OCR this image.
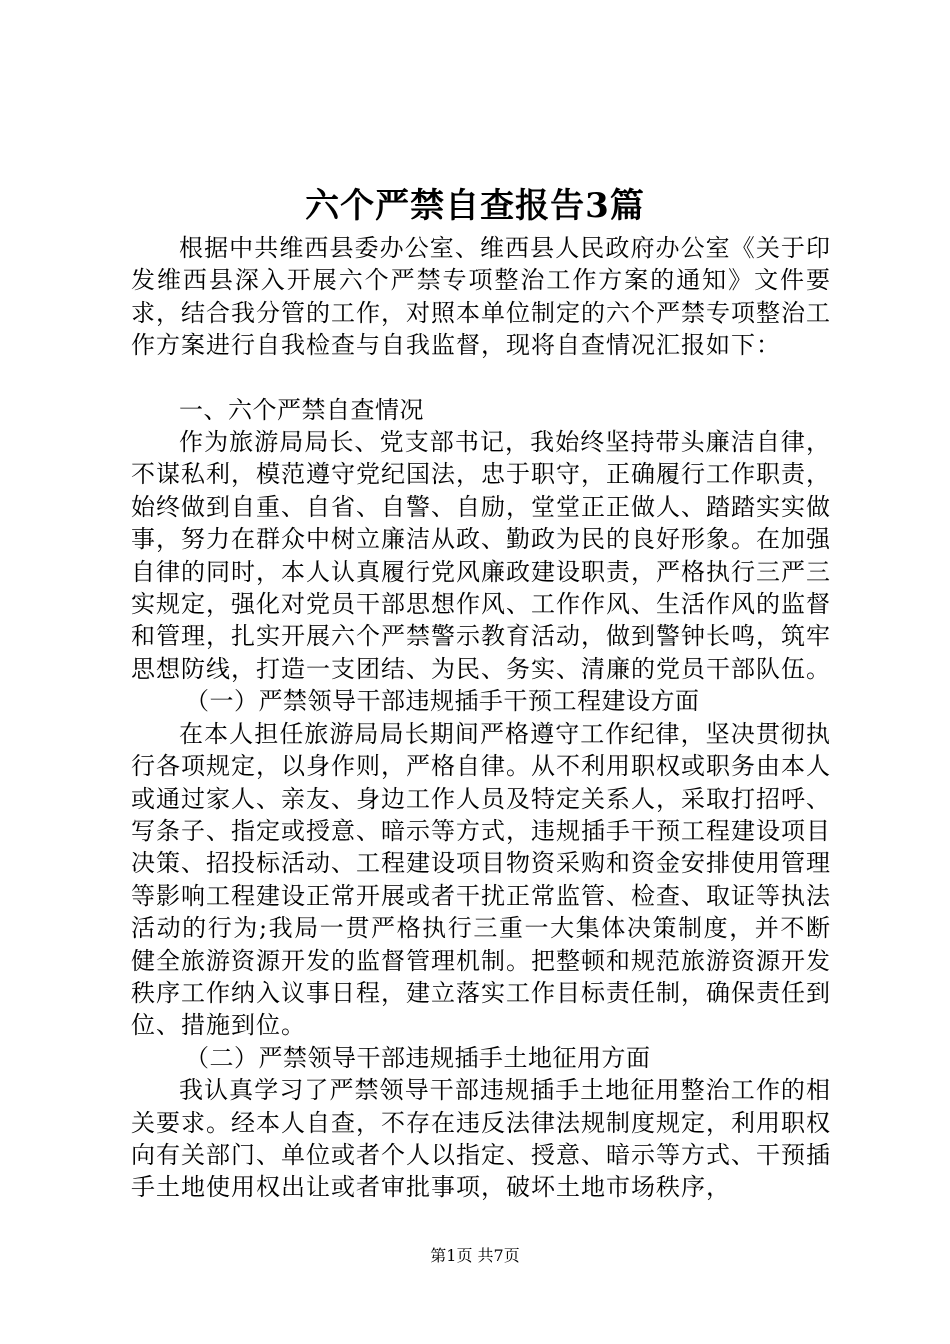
六个严禁自查报告3篇

根据中共维西县委办公室、维西县人民政府办公室《关于印发维西县深入开展六个严禁专项整治工作方案的通知》文件要求，结合我分管的工作，对照本单位制定的六个严禁专项整治工作方案进行自我检查与自我监督，现将自查情况汇报如下：

一、六个严禁自查情况

作为旅游局局长、党支部书记，我始终坚持带头廉洁自律，不谋私利，模范遵守党纪国法，忠于职守，正确履行工作职责，始终做到自重、自省、自警、自励，堂堂正正做人、踏踏实实做事，努力在群众中树立廉洁从政、勤政为民的良好形象。在加强自律的同时，本人认真履行党风廉政建设职责，严格执行三严三实规定，强化对党员干部思想作风、工作作风、生活作风的监督和管理，扎实开展六个严禁警示教育活动，做到警钟长鸣，筑牢思想防线，打造一支团结、为民、务实、清廉的党员干部队伍。

（一）严禁领导干部违规插手干预工程建设方面

在本人担任旅游局局长期间严格遵守工作纪律，坚决贯彻执行各项规定，以身作则，严格自律。从不利用职权或职务由本人或通过家人、亲友、身边工作人员及特定关系人，采取打招呼、写条子、指定或授意、暗示等方式，违规插手干预工程建设项目决策、招投标活动、工程建设项目物资采购和资金安排使用管理等影响工程建设正常开展或者干扰正常监管、检查、取证等执法活动的行为;我局一贯严格执行三重一大集体决策制度，并不断健全旅游资源开发的监督管理机制。把整顿和规范旅游资源开发秩序工作纳入议事日程，建立落实工作目标责任制，确保责任到位、措施到位。

（二）严禁领导干部违规插手土地征用方面

我认真学习了严禁领导干部违规插手土地征用整治工作的相关要求。经本人自查，不存在违反法律法规制度规定，利用职权向有关部门、单位或者个人以指定、授意、暗示等方式、干预插手土地使用权出让或者审批事项，破坏土地市场秩序，

第1页 共7页
